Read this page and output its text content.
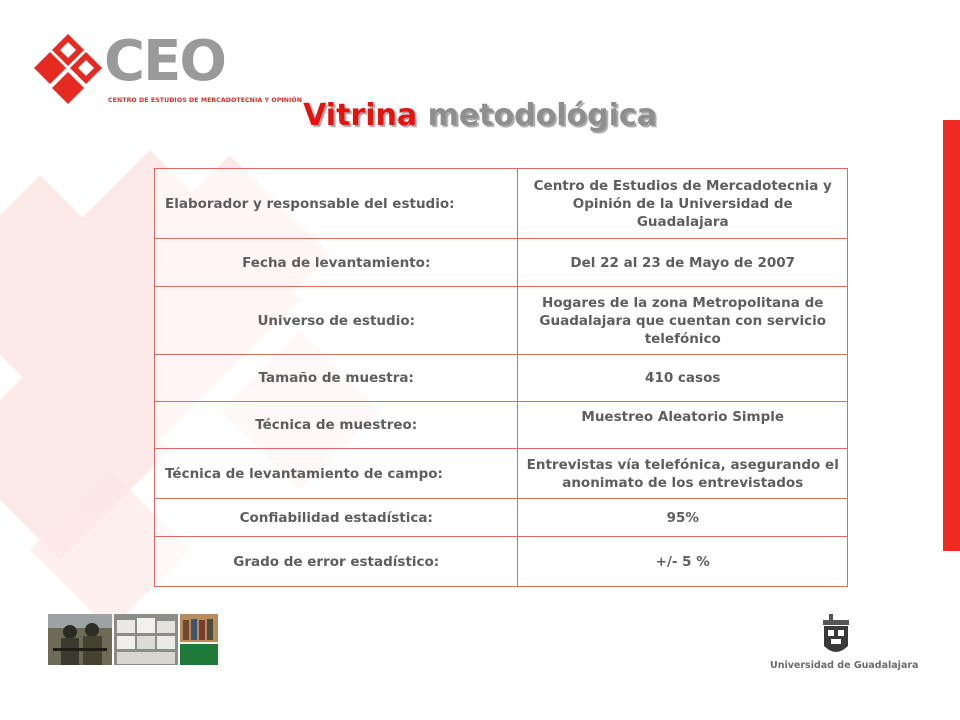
CEO
CENTRO DE ESTUDIOS DE MERCADOTECNIA Y OPINIÓN Vitrina metodológica
Elaborador y responsable del estudio:	Centro de Estudios de Mercadotecnia y Opinión de la Universidad de Guadalajara
Fecha de levantamiento:	Del 22 al 23 de Mayo de 2007
Universo de estudio:	Hogares de la zona Metropolitana de Guadalajara que cuentan con servicio telefónico
Tamaño de muestra:	410 casos
Técnica de muestreo:	Muestreo Aleatorio Simple
Técnica de levantamiento de campo:	Entrevistas vía telefónica, asegurando el anonimato de los entrevistados
Confiabilidad estadística:	95%
Grado de error estadístico:	+/- 5 %
Universidad de Guadalajara
